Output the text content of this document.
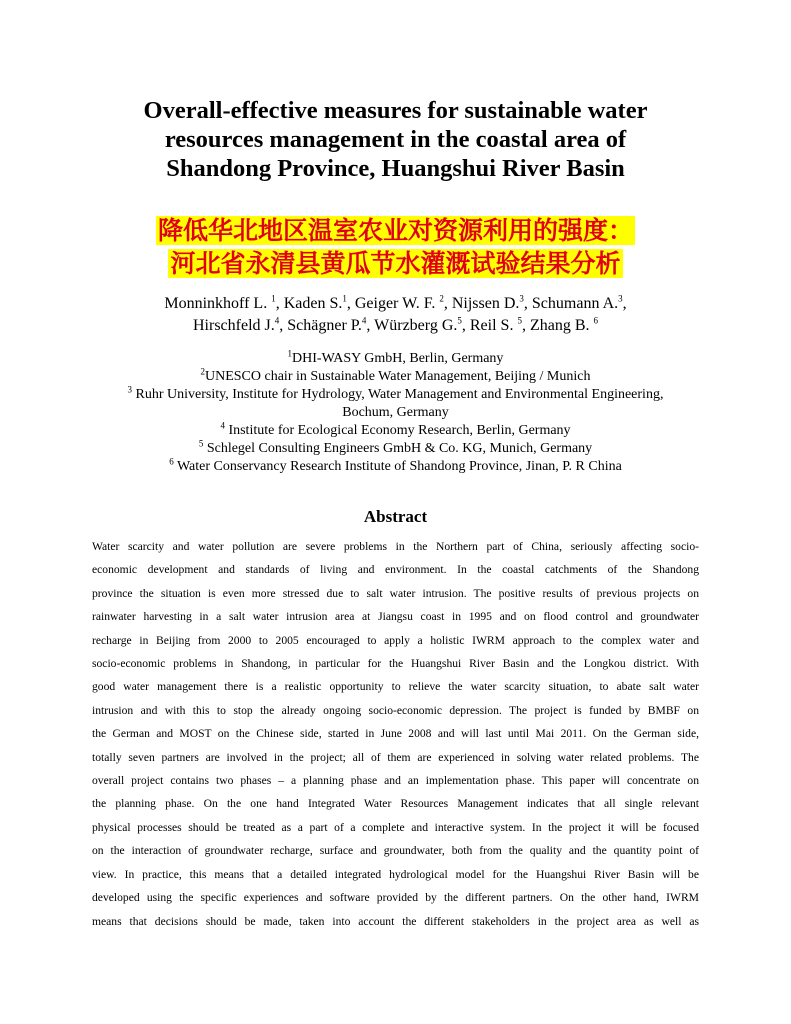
Overall-effective measures for sustainable water
resources management in the coastal area of
Shandong Province, Huangshui River Basin
降低华北地区温室农业对资源利用的强度：
河北省永清县黄瓜节水灌溉试验结果分析
Monninkhoff L. $^1$, Kaden S.$^1$, Geiger W. F. $^2$, Nijssen D.$^3$, Schumann A.$^3$,
Hirschfeld J.$^4$, Schägner P.$^4$, Würzberg G.$^5$, Reil S. $^5$, Zhang B. $^6$
$^1$DHI-WASY GmbH, Berlin, Germany
$^2$UNESCO chair in Sustainable Water Management, Beijing / Munich
$^3$ Ruhr University, Institute for Hydrology, Water Management and Environmental Engineering,
Bochum, Germany
$^4$ Institute for Ecological Economy Research, Berlin, Germany
$^5$ Schlegel Consulting Engineers GmbH & Co. KG, Munich, Germany
$^6$ Water Conservancy Research Institute of Shandong Province, Jinan, P. R China
Abstract
Water scarcity and water pollution are severe problems in the Northern part of China, seriously affecting socio-
economic development and standards of living and environment. In the coastal catchments of the Shandong
province the situation is even more stressed due to salt water intrusion. The positive results of previous projects on
rainwater harvesting in a salt water intrusion area at Jiangsu coast in 1995 and on flood control and groundwater
recharge in Beijing from 2000 to 2005 encouraged to apply a holistic IWRM approach to the complex water and
socio-economic problems in Shandong, in particular for the Huangshui River Basin and the Longkou district. With
good water management there is a realistic opportunity to relieve the water scarcity situation, to abate salt water
intrusion and with this to stop the already ongoing socio-economic depression. The project is funded by BMBF on
the German and MOST on the Chinese side, started in June 2008 and will last until Mai 2011. On the German side,
totally seven partners are involved in the project; all of them are experienced in solving water related problems. The
overall project contains two phases – a planning phase and an implementation phase. This paper will concentrate on
the planning phase. On the one hand Integrated Water Resources Management indicates that all single relevant
physical processes should be treated as a part of a complete and interactive system. In the project it will be focused
on the interaction of groundwater recharge, surface and groundwater, both from the quality and the quantity point of
view. In practice, this means that a detailed integrated hydrological model for the Huangshui River Basin will be
developed using the specific experiences and software provided by the different partners. On the other hand, IWRM
means that decisions should be made, taken into account the different stakeholders in the project area as well as
